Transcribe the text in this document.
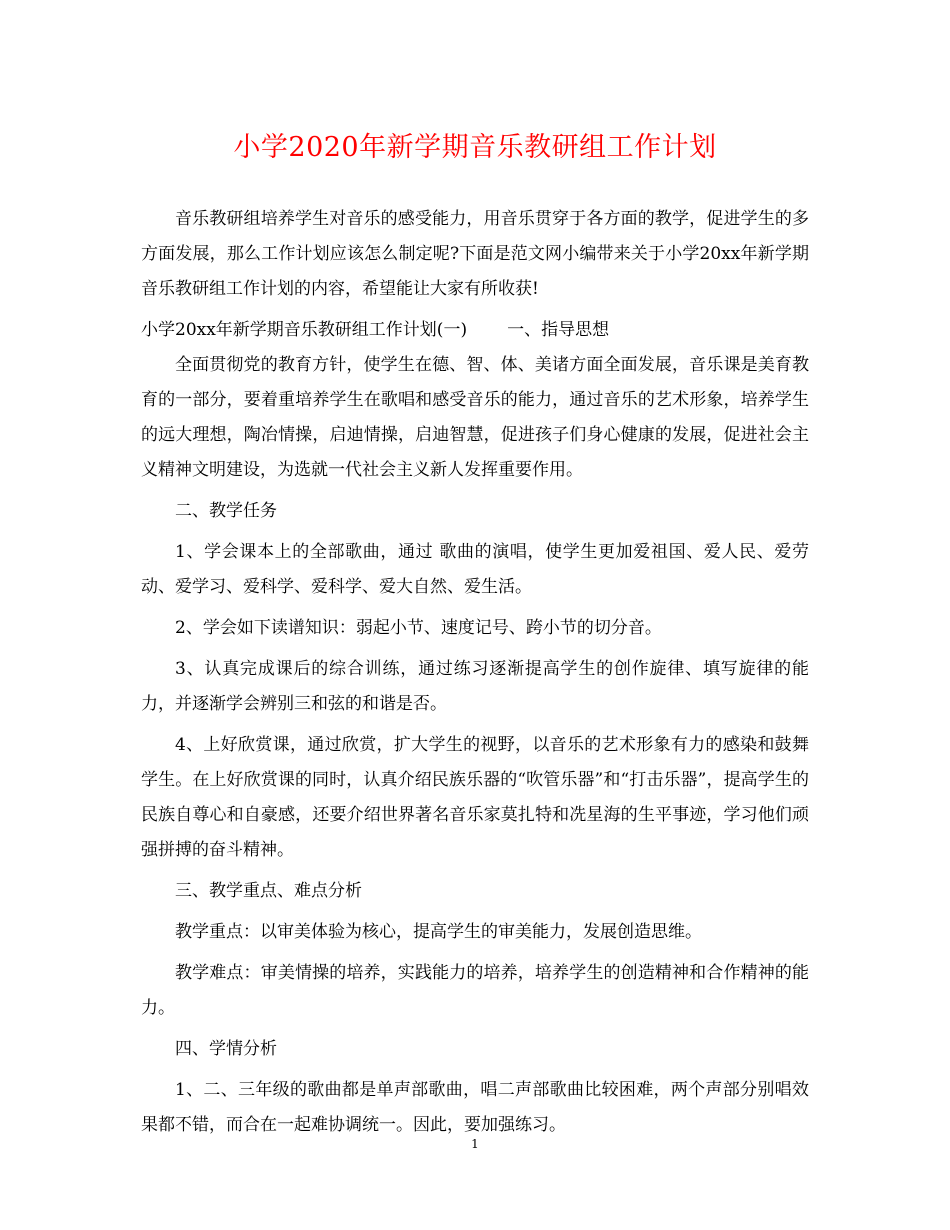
小学2020年新学期音乐教研组工作计划

音乐教研组培养学生对音乐的感受能力，用音乐贯穿于各方面的教学，促进学生的多方面发展，那么工作计划应该怎么制定呢?下面是范文网小编带来关于小学20xx年新学期音乐教研组工作计划的内容，希望能让大家有所收获!

小学20xx年新学期音乐教研组工作计划(一) 一、指导思想

全面贯彻党的教育方针，使学生在德、智、体、美诸方面全面发展，音乐课是美育教育的一部分，要着重培养学生在歌唱和感受音乐的能力，通过音乐的艺术形象，培养学生的远大理想，陶冶情操，启迪情操，启迪智慧，促进孩子们身心健康的发展，促进社会主义精神文明建设，为选就一代社会主义新人发挥重要作用。

二、教学任务

1、学会课本上的全部歌曲，通过 歌曲的演唱，使学生更加爱祖国、爱人民、爱劳动、爱学习、爱科学、爱科学、爱大自然、爱生活。

2、学会如下读谱知识：弱起小节、速度记号、跨小节的切分音。

3、认真完成课后的综合训练，通过练习逐渐提高学生的创作旋律、填写旋律的能力，并逐渐学会辨别三和弦的和谐是否。

4、上好欣赏课，通过欣赏，扩大学生的视野，以音乐的艺术形象有力的感染和鼓舞学生。在上好欣赏课的同时，认真介绍民族乐器的“吹管乐器”和“打击乐器”，提高学生的民族自尊心和自豪感，还要介绍世界著名音乐家莫扎特和冼星海的生平事迹，学习他们顽强拼搏的奋斗精神。

三、教学重点、难点分析

教学重点：以审美体验为核心，提高学生的审美能力，发展创造思维。

教学难点：审美情操的培养，实践能力的培养，培养学生的创造精神和合作精神的能力。

四、学情分析

1、二、三年级的歌曲都是单声部歌曲，唱二声部歌曲比较困难，两个声部分别唱效果都不错，而合在一起难协调统一。因此，要加强练习。

1
